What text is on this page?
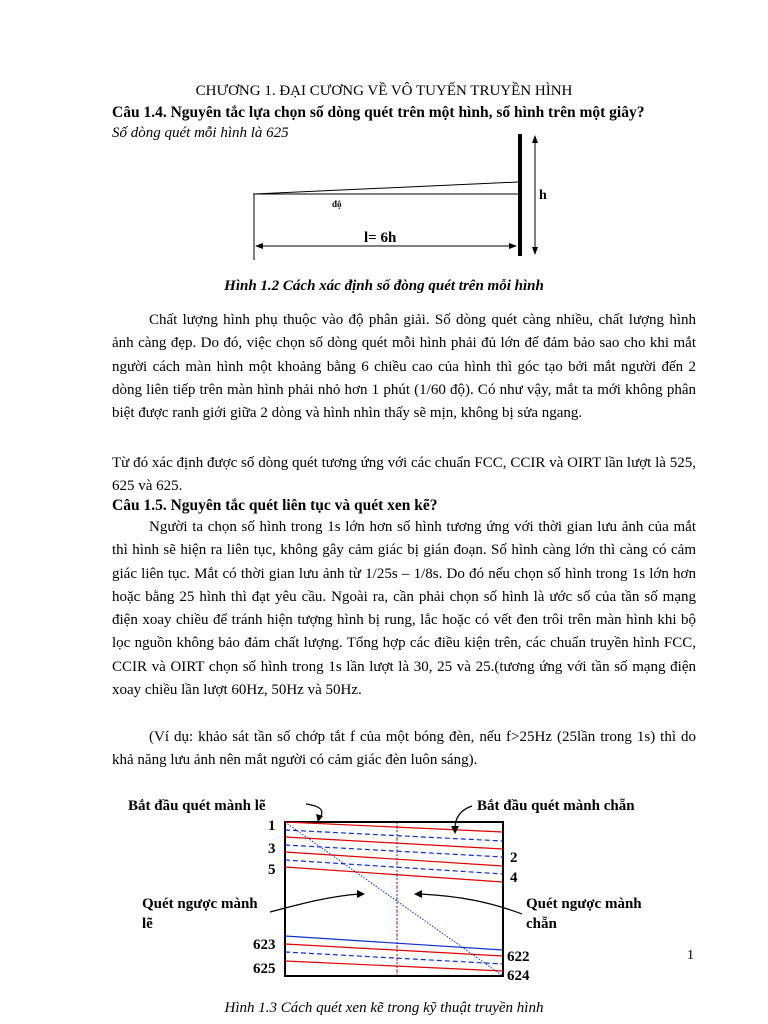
CHƯƠNG 1. ĐẠI CƯƠNG VỀ VÔ TUYẾN TRUYỀN HÌNH
Câu 1.4. Nguyên tắc lựa chọn số dòng quét trên một hình, số hình trên một giây?
Số dòng quét mỗi hình là 625
h
độ
l= 6h
Hình 1.2 Cách xác định số đòng quét trên mỗi hình

Chất lượng hình phụ thuộc vào độ phân giải. Số dòng quét càng nhiều, chất lượng hình ảnh càng đẹp. Do đó, việc chọn số dòng quét mỗi hình phải đủ lớn để đảm bảo sao cho khi mắt người cách màn hình một khoảng bằng 6 chiều cao của hình thì góc tạo bởi mắt người đến 2 dòng liên tiếp trên màn hình phải nhỏ hơn 1 phút (1/60 độ). Có như vậy, mắt ta mới không phân biệt được ranh giới giữa 2 dòng và hình nhìn thấy sẽ mịn, không bị sửa ngang.

Từ đó xác định được số dòng quét tương ứng với các chuẩn FCC, CCIR và OIRT lần lượt là 525, 625 và 625.

Câu 1.5. Nguyên tắc quét liên tục và quét xen kẽ?

Người ta chọn số hình trong 1s lớn hơn số hình tương ứng với thời gian lưu ảnh của mắt thì hình sẽ hiện ra liên tục, không gây cảm giác bị gián đoạn. Số hình càng lớn thì càng có cảm giác liên tục. Mắt có thời gian lưu ảnh từ 1/25s – 1/8s. Do đó nếu chọn số hình trong 1s lớn hơn hoặc bằng 25 hình thì đạt yêu cầu. Ngoài ra, cần phải chọn số hình là ước số của tần số mạng điện xoay chiều để tránh hiện tượng hình bị rung, lắc hoặc có vết đen trôi trên màn hình khi bộ lọc nguồn không bảo đảm chất lượng. Tổng hợp các điều kiện trên, các chuẩn truyền hình FCC, CCIR và OIRT chọn số hình trong 1s lần lượt là 30, 25 và 25.(tương ứng với tần số mạng điện xoay chiều lần lượt 60Hz, 50Hz và 50Hz.

(Ví dụ: khảo sát tần số chớp tắt f của một bóng đèn, nếu f>25Hz (25lần trong 1s) thì do khả năng lưu ảnh nên mắt người có cảm giác đèn luôn sáng).

1
3
5
623
625
2
4
622
624
Bắt đầu quét mành lẽ	Bắt đầu quét mành chẵn
Quét ngược mành
lẽ
Quét ngược mành
chẵn
1
Hình 1.3 Cách quét xen kẽ trong kỹ thuật truyền hình
